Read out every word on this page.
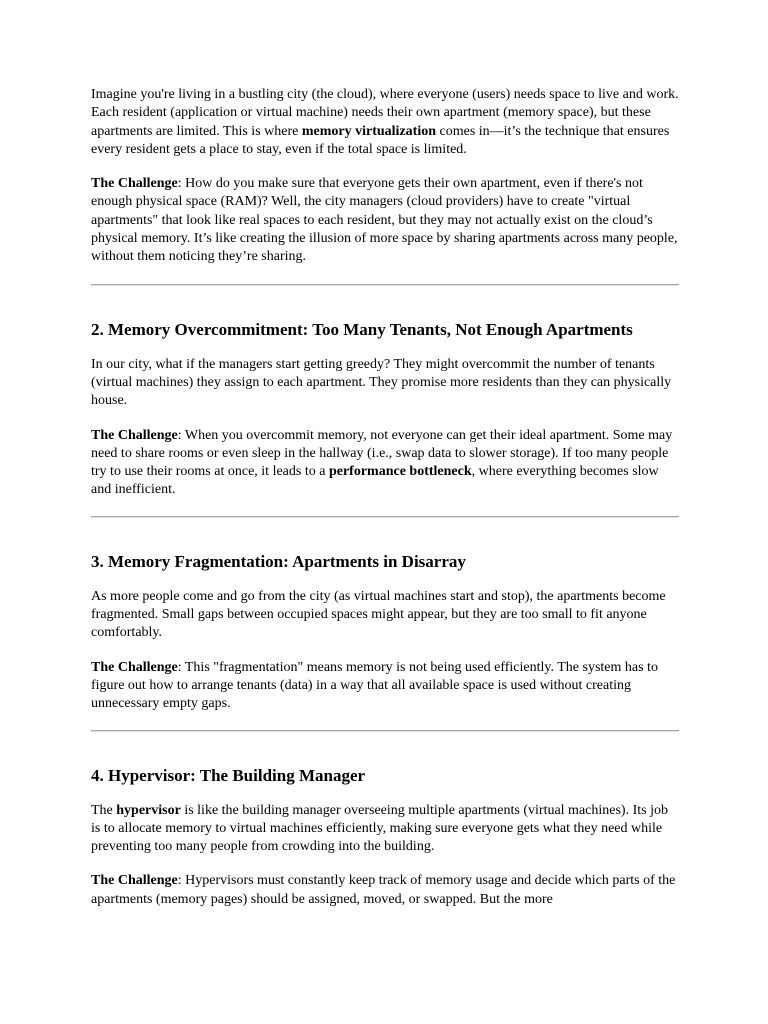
Imagine you're living in a bustling city (the cloud), where everyone (users) needs space to live and work. Each resident (application or virtual machine) needs their own apartment (memory space), but these apartments are limited. This is where memory virtualization comes in—it’s the technique that ensures every resident gets a place to stay, even if the total space is limited.

The Challenge: How do you make sure that everyone gets their own apartment, even if there's not enough physical space (RAM)? Well, the city managers (cloud providers) have to create "virtual apartments" that look like real spaces to each resident, but they may not actually exist on the cloud’s physical memory. It’s like creating the illusion of more space by sharing apartments across many people, without them noticing they’re sharing.

2. Memory Overcommitment: Too Many Tenants, Not Enough Apartments

In our city, what if the managers start getting greedy? They might overcommit the number of tenants (virtual machines) they assign to each apartment. They promise more residents than they can physically house.

The Challenge: When you overcommit memory, not everyone can get their ideal apartment. Some may need to share rooms or even sleep in the hallway (i.e., swap data to slower storage). If too many people try to use their rooms at once, it leads to a performance bottleneck, where everything becomes slow and inefficient.

3. Memory Fragmentation: Apartments in Disarray

As more people come and go from the city (as virtual machines start and stop), the apartments become fragmented. Small gaps between occupied spaces might appear, but they are too small to fit anyone comfortably.

The Challenge: This "fragmentation" means memory is not being used efficiently. The system has to figure out how to arrange tenants (data) in a way that all available space is used without creating unnecessary empty gaps.

4. Hypervisor: The Building Manager

The hypervisor is like the building manager overseeing multiple apartments (virtual machines). Its job is to allocate memory to virtual machines efficiently, making sure everyone gets what they need while preventing too many people from crowding into the building.

The Challenge: Hypervisors must constantly keep track of memory usage and decide which parts of the apartments (memory pages) should be assigned, moved, or swapped. But the more
